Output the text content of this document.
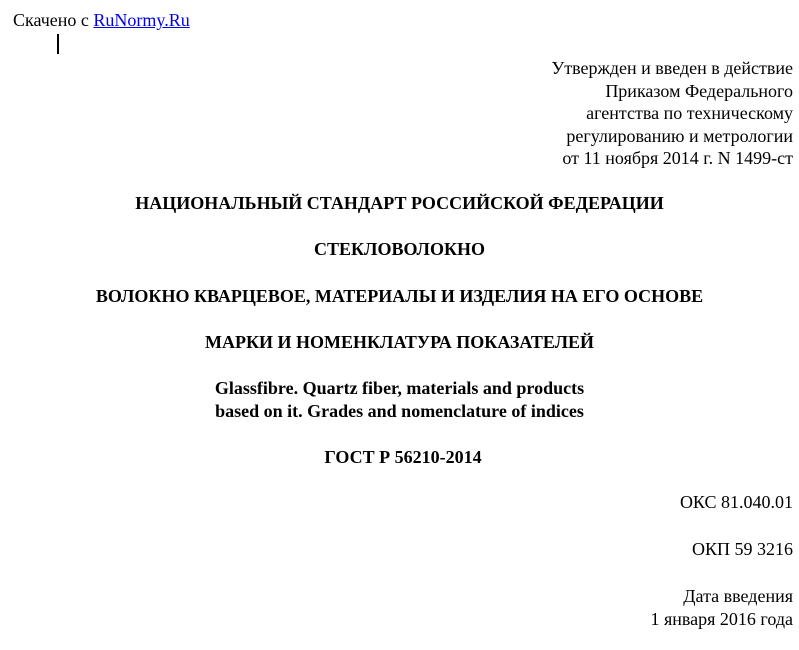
Скачено с RuNormy.Ru
Утвержден и введен в действие
Приказом Федерального
агентства по техническому
регулированию и метрологии
от 11 ноября 2014 г. N 1499-ст
НАЦИОНАЛЬНЫЙ СТАНДАРТ РОССИЙСКОЙ ФЕДЕРАЦИИ
СТЕКЛОВОЛОКНО
ВОЛОКНО КВАРЦЕВОЕ, МАТЕРИАЛЫ И ИЗДЕЛИЯ НА ЕГО ОСНОВЕ
МАРКИ И НОМЕНКЛАТУРА ПОКАЗАТЕЛЕЙ
Glassfibre. Quartz fiber, materials and products
based on it. Grades and nomenclature of indices
ГОСТ Р 56210-2014
ОКС 81.040.01
ОКП 59 3216
Дата введения
1 января 2016 года
